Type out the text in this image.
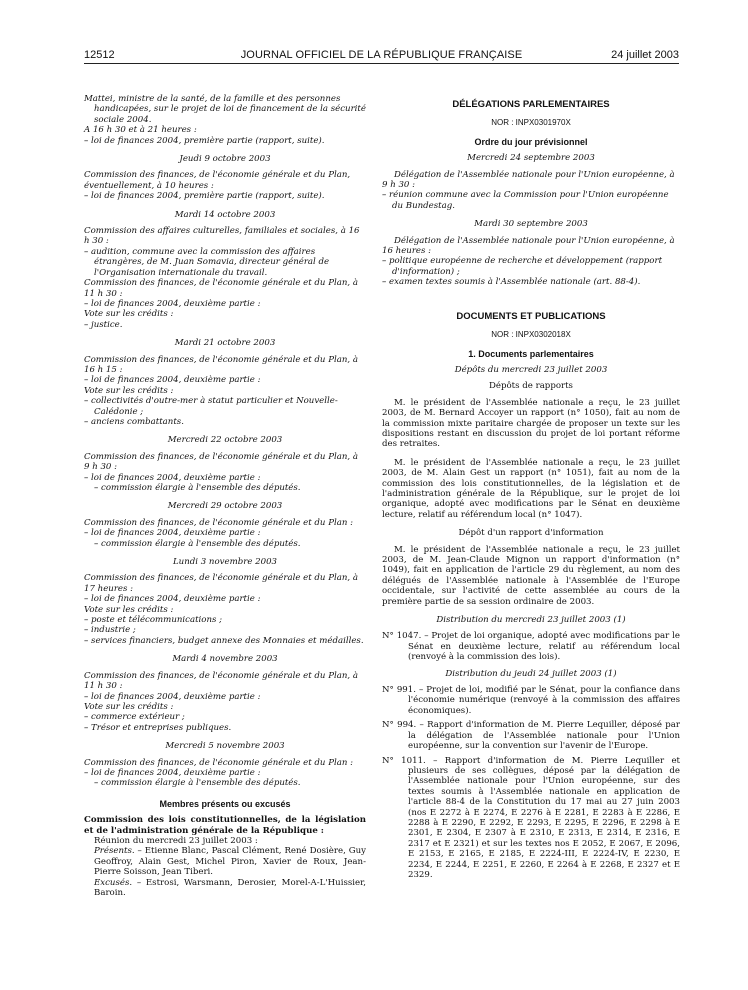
12512	JOURNAL OFFICIEL DE LA RÉPUBLIQUE FRANÇAISE	24 juillet 2003

Mattei, ministre de la santé, de la famille et des personnes handicapées, sur le projet de loi de financement de la sécurité sociale 2004.

A 16 h 30 et à 21 heures :

– loi de finances 2004, première partie (rapport, suite).

Jeudi 9 octobre 2003

Commission des finances, de l'économie générale et du Plan, éventuellement, à 10 heures :

– loi de finances 2004, première partie (rapport, suite).

Mardi 14 octobre 2003

Commission des affaires culturelles, familiales et sociales, à 16 h 30 :

– audition, commune avec la commission des affaires étrangères, de M. Juan Somavia, directeur général de l'Organisation internationale du travail.

Commission des finances, de l'économie générale et du Plan, à 11 h 30 :

– loi de finances 2004, deuxième partie :

Vote sur les crédits :

– justice.

Mardi 21 octobre 2003

Commission des finances, de l'économie générale et du Plan, à 16 h 15 :

– loi de finances 2004, deuxième partie :

Vote sur les crédits :

– collectivités d'outre-mer à statut particulier et Nouvelle-Calédonie ;

– anciens combattants.

Mercredi 22 octobre 2003

Commission des finances, de l'économie générale et du Plan, à 9 h 30 :

– loi de finances 2004, deuxième partie :

– commission élargie à l'ensemble des députés.

Mercredi 29 octobre 2003

Commission des finances, de l'économie générale et du Plan :

– loi de finances 2004, deuxième partie :

– commission élargie à l'ensemble des députés.

Lundi 3 novembre 2003

Commission des finances, de l'économie générale et du Plan, à 17 heures :

– loi de finances 2004, deuxième partie :

Vote sur les crédits :

– poste et télécommunications ;

– industrie ;

– services financiers, budget annexe des Monnaies et médailles.

Mardi 4 novembre 2003

Commission des finances, de l'économie générale et du Plan, à 11 h 30 :

– loi de finances 2004, deuxième partie :

Vote sur les crédits :

– commerce extérieur ;

– Trésor et entreprises publiques.

Mercredi 5 novembre 2003

Commission des finances, de l'économie générale et du Plan :

– loi de finances 2004, deuxième partie :

– commission élargie à l'ensemble des députés.

Membres présents ou excusés

Commission des lois constitutionnelles, de la législation et de l'administration générale de la République :

Réunion du mercredi 23 juillet 2003 :

Présents. – Etienne Blanc, Pascal Clément, René Dosière, Guy Geoffroy, Alain Gest, Michel Piron, Xavier de Roux, Jean-Pierre Soisson, Jean Tiberi.

Excusés. – Estrosi, Warsmann, Derosier, Morel-A-L'Huissier, Baroin.

DÉLÉGATIONS PARLEMENTAIRES
NOR : INPX0301970X
Ordre du jour prévisionnel
Mercredi 24 septembre 2003

Délégation de l'Assemblée nationale pour l'Union européenne, à 9 h 30 :

– réunion commune avec la Commission pour l'Union européenne du Bundestag.

Mardi 30 septembre 2003

Délégation de l'Assemblée nationale pour l'Union européenne, à 16 heures :

– politique européenne de recherche et développement (rapport d'information) ;

– examen textes soumis à l'Assemblée nationale (art. 88-4).

DOCUMENTS ET PUBLICATIONS
NOR : INPX0302018X
1. Documents parlementaires
Dépôts du mercredi 23 juillet 2003
Dépôts de rapports

M. le président de l'Assemblée nationale a reçu, le 23 juillet 2003, de M. Bernard Accoyer un rapport (n° 1050), fait au nom de la commission mixte paritaire chargée de proposer un texte sur les dispositions restant en discussion du projet de loi portant réforme des retraites.

M. le président de l'Assemblée nationale a reçu, le 23 juillet 2003, de M. Alain Gest un rapport (n° 1051), fait au nom de la commission des lois constitutionnelles, de la législation et de l'administration générale de la République, sur le projet de loi organique, adopté avec modifications par le Sénat en deuxième lecture, relatif au référendum local (n° 1047).

Dépôt d'un rapport d'information

M. le président de l'Assemblée nationale a reçu, le 23 juillet 2003, de M. Jean-Claude Mignon un rapport d'information (n° 1049), fait en application de l'article 29 du règlement, au nom des délégués de l'Assemblée nationale à l'Assemblée de l'Europe occidentale, sur l'activité de cette assemblée au cours de la première partie de sa session ordinaire de 2003.

Distribution du mercredi 23 juillet 2003 (1)

N° 1047. – Projet de loi organique, adopté avec modifications par le Sénat en deuxième lecture, relatif au référendum local (renvoyé à la commission des lois).

Distribution du jeudi 24 juillet 2003 (1)

N° 991. – Projet de loi, modifié par le Sénat, pour la confiance dans l'économie numérique (renvoyé à la commission des affaires économiques).

N° 994. – Rapport d'information de M. Pierre Lequiller, déposé par la délégation de l'Assemblée nationale pour l'Union européenne, sur la convention sur l'avenir de l'Europe.

N° 1011. – Rapport d'information de M. Pierre Lequiller et plusieurs de ses collègues, déposé par la délégation de l'Assemblée nationale pour l'Union européenne, sur des textes soumis à l'Assemblée nationale en application de l'article 88-4 de la Constitution du 17 mai au 27 juin 2003 (nos E 2272 à E 2274, E 2276 à E 2281, E 2283 à E 2286, E 2288 à E 2290, E 2292, E 2293, E 2295, E 2296, E 2298 à E 2301, E 2304, E 2307 à E 2310, E 2313, E 2314, E 2316, E 2317 et E 2321) et sur les textes nos E 2052, E 2067, E 2096, E 2153, E 2165, E 2185, E 2224-III, E 2224-IV, E 2230, E 2234, E 2244, E 2251, E 2260, E 2264 à E 2268, E 2327 et E 2329.
